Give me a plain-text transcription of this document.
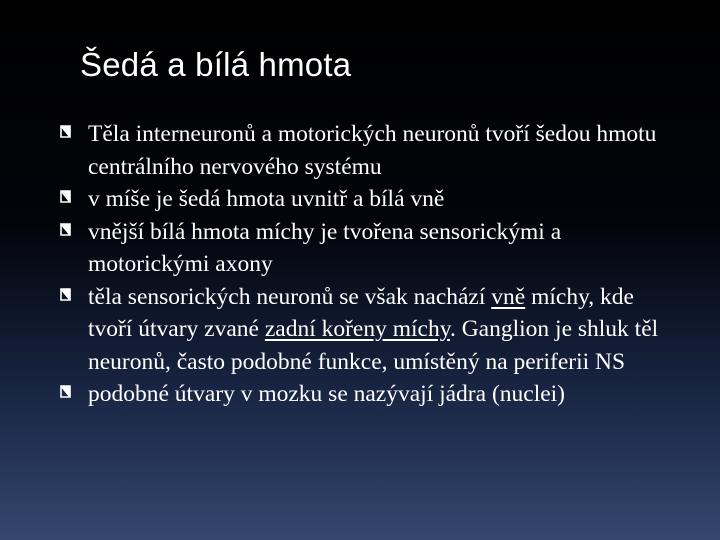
Šedá a bílá hmota
Těla interneuronů a motorických neuronů tvoří šedou hmotu centrálního nervového systému
v míše je šedá hmota uvnitř a bílá vně
vnější bílá hmota míchy je tvořena sensorickými a motorickými axony
těla sensorických neuronů se však nachází vně míchy, kde tvoří útvary zvané zadní kořeny míchy. Ganglion je shluk těl neuronů, často podobné funkce, umístěný na periferii NS
podobné útvary v mozku se nazývají jádra (nuclei)
